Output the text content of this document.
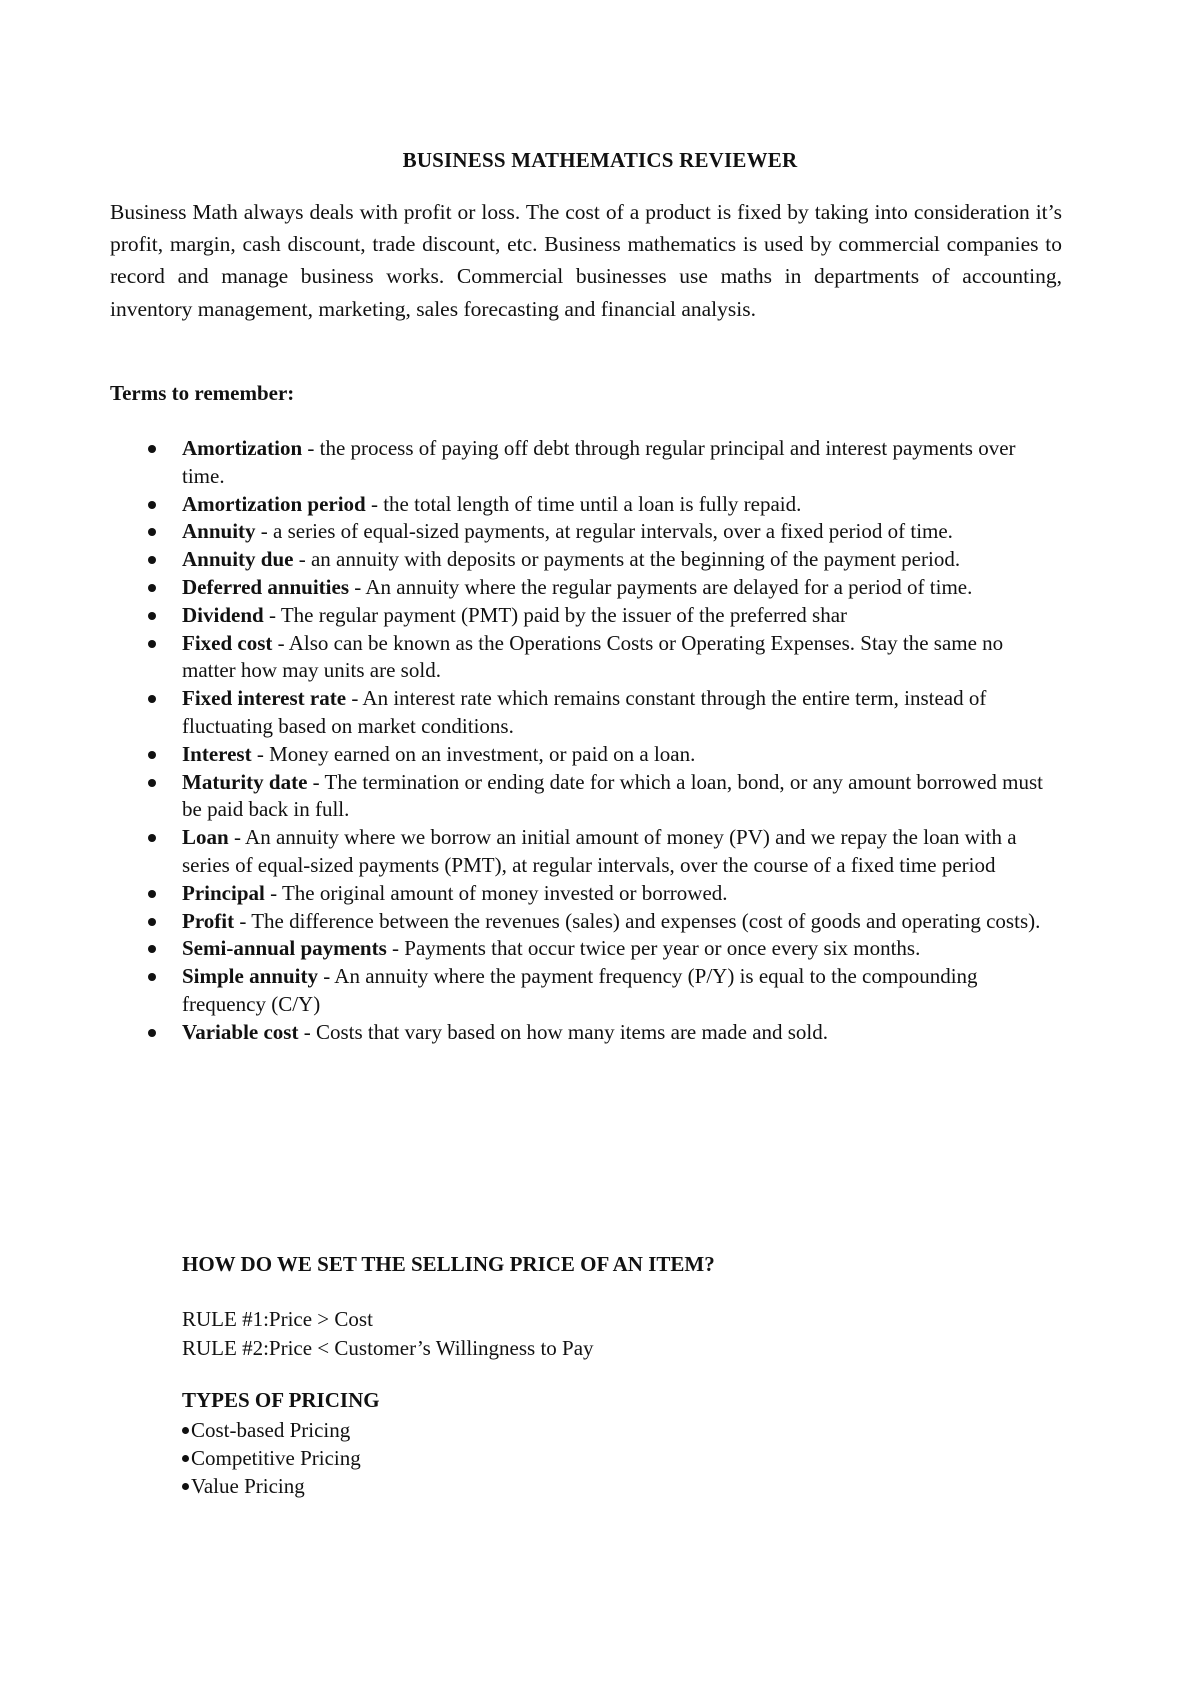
BUSINESS MATHEMATICS REVIEWER

Business Math always deals with profit or loss. The cost of a product is fixed by taking into consideration it’s profit, margin, cash discount, trade discount, etc. Business mathematics is used by commercial companies to record and manage business works. Commercial businesses use maths in departments of accounting, inventory management, marketing, sales forecasting and financial analysis.

Terms to remember:

Amortization - the process of paying off debt through regular principal and interest payments over time.
Amortization period - the total length of time until a loan is fully repaid.
Annuity - a series of equal-sized payments, at regular intervals, over a fixed period of time.
Annuity due - an annuity with deposits or payments at the beginning of the payment period.
Deferred annuities - An annuity where the regular payments are delayed for a period of time.
Dividend - The regular payment (PMT) paid by the issuer of the preferred shar
Fixed cost - Also can be known as the Operations Costs or Operating Expenses. Stay the same no matter how may units are sold.
Fixed interest rate - An interest rate which remains constant through the entire term, instead of fluctuating based on market conditions.
Interest - Money earned on an investment, or paid on a loan.
Maturity date - The termination or ending date for which a loan, bond, or any amount borrowed must be paid back in full.
Loan - An annuity where we borrow an initial amount of money (PV) and we repay the loan with a series of equal-sized payments (PMT), at regular intervals, over the course of a fixed time period
Principal - The original amount of money invested or borrowed.
Profit - The difference between the revenues (sales) and expenses (cost of goods and operating costs).
Semi-annual payments - Payments that occur twice per year or once every six months.
Simple annuity - An annuity where the payment frequency (P/Y) is equal to the compounding frequency (C/Y)
Variable cost - Costs that vary based on how many items are made and sold.

HOW DO WE SET THE SELLING PRICE OF AN ITEM?

RULE #1:Price > Cost
RULE #2:Price < Customer’s Willingness to Pay

TYPES OF PRICING

Cost-based Pricing
Competitive Pricing
Value Pricing
